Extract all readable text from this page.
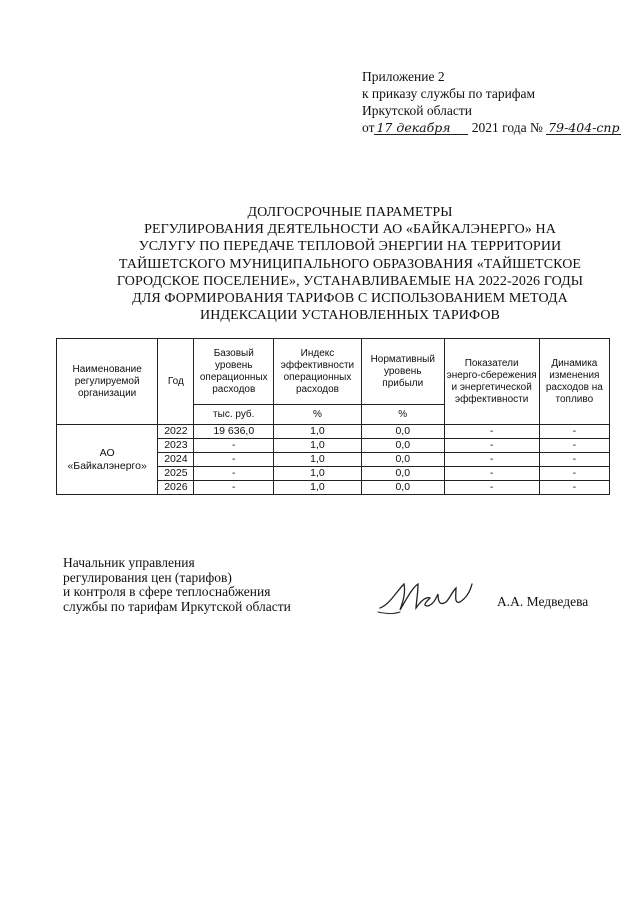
Приложение 2
к приказу службы по тарифам
Иркутской области
от 17 декабря 2021 года № 79-404-спр
ДОЛГОСРОЧНЫЕ ПАРАМЕТРЫ
РЕГУЛИРОВАНИЯ ДЕЯТЕЛЬНОСТИ АО «БАЙКАЛЭНЕРГО» НА
УСЛУГУ ПО ПЕРЕДАЧЕ ТЕПЛОВОЙ ЭНЕРГИИ НА ТЕРРИТОРИИ
ТАЙШЕТСКОГО МУНИЦИПАЛЬНОГО ОБРАЗОВАНИЯ «ТАЙШЕТСКОЕ
ГОРОДСКОЕ ПОСЕЛЕНИЕ», УСТАНАВЛИВАЕМЫЕ НА 2022-2026 ГОДЫ
ДЛЯ ФОРМИРОВАНИЯ ТАРИФОВ С ИСПОЛЬЗОВАНИЕМ МЕТОДА
ИНДЕКСАЦИИ УСТАНОВЛЕННЫХ ТАРИФОВ
Наименование регулируемой организации	Год	Базовый уровень операционных расходов	Индекс эффективности операционных расходов	Нормативный уровень прибыли	Показатели энерго-сбережения и энергетической эффективности	Динамика изменения расходов на топливо
		тыс. руб.	%	%		

АО
«Байкалэнерго»	2022	19 636,0	1,0	0,0	-	-
	2023	-	1,0	0,0	-	-
	2024	-	1,0	0,0	-	-
	2025	-	1,0	0,0	-	-
	2026	-	1,0	0,0	-	-
Начальник управления
регулирования цен (тарифов)
и контроля в сфере теплоснабжения
службы по тарифам Иркутской области	А.А. Медведева
